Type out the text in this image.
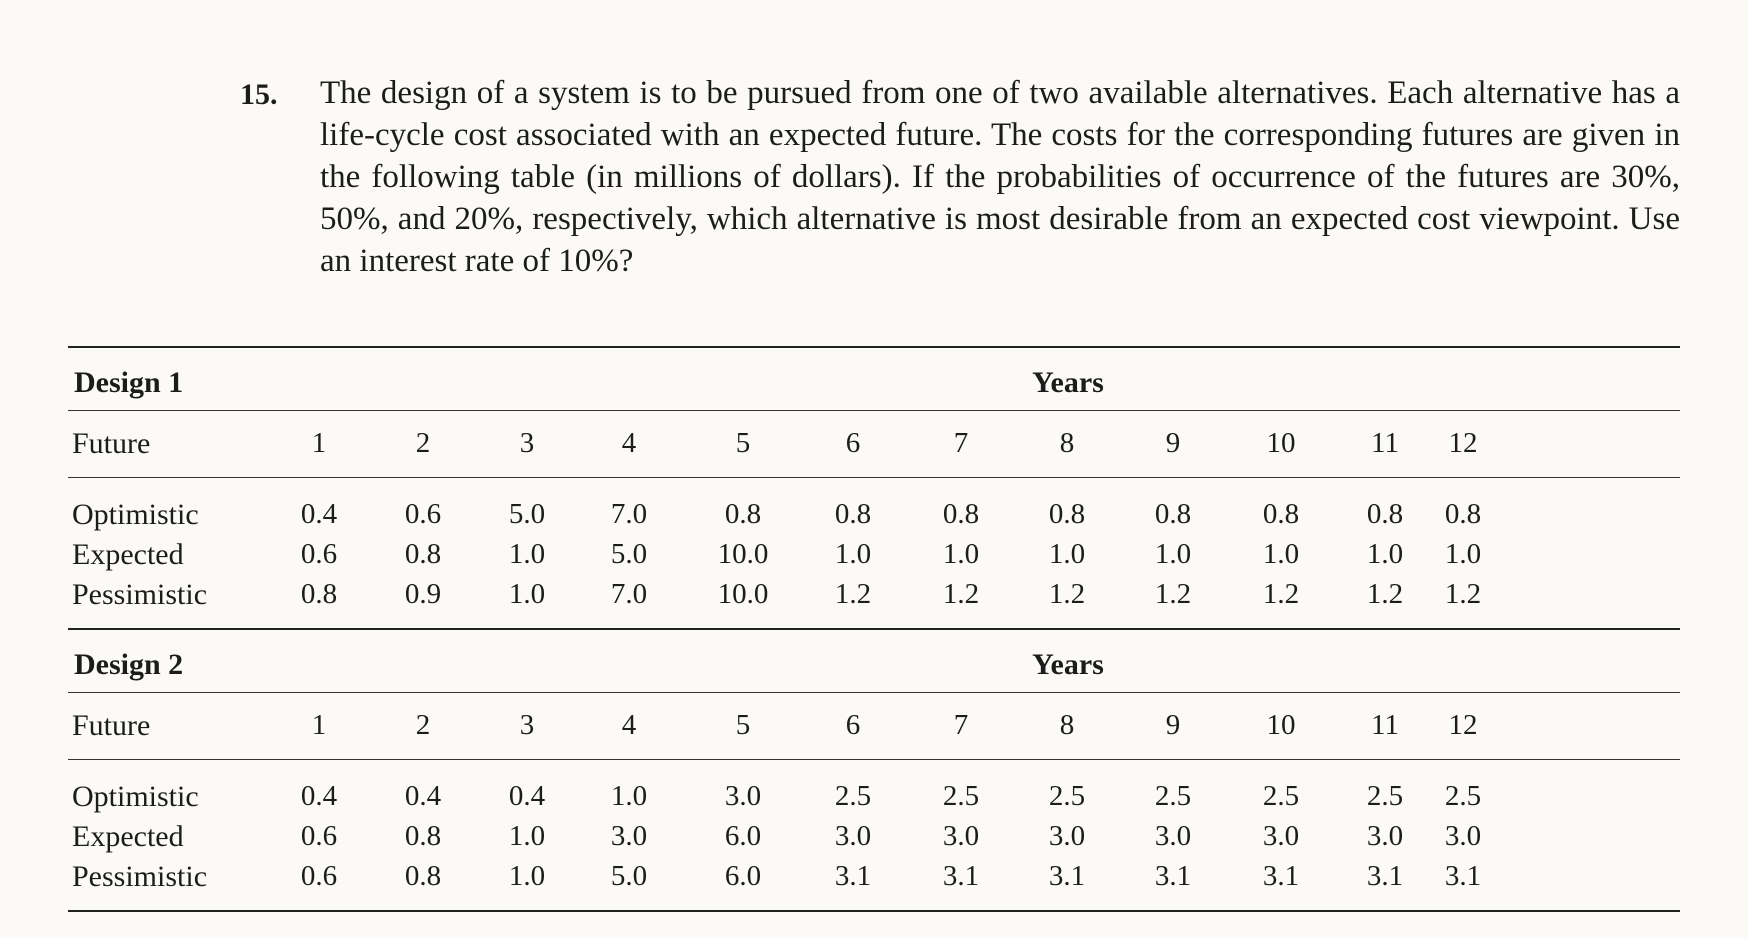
15.	The design of a system is to be pursued from one of two available alternatives. Each alternative has a life-cycle cost associated with an expected future. The costs for the corresponding futures are given in the following table (in millions of dollars). If the probabilities of occurrence of the futures are 30%, 50%, and 20%, respectively, which alternative is most desirable from an expected cost viewpoint. Use an interest rate of 10%?

Design 1	Years
Future	1	2	3	4	5	6	7	8	9	10	11	12
Optimistic	0.4	0.6	5.0	7.0	0.8	0.8	0.8	0.8	0.8	0.8	0.8	0.8
Expected	0.6	0.8	1.0	5.0	10.0	1.0	1.0	1.0	1.0	1.0	1.0	1.0
Pessimistic	0.8	0.9	1.0	7.0	10.0	1.2	1.2	1.2	1.2	1.2	1.2	1.2
Design 2	Years
Future	1	2	3	4	5	6	7	8	9	10	11	12
Optimistic	0.4	0.4	0.4	1.0	3.0	2.5	2.5	2.5	2.5	2.5	2.5	2.5
Expected	0.6	0.8	1.0	3.0	6.0	3.0	3.0	3.0	3.0	3.0	3.0	3.0
Pessimistic	0.6	0.8	1.0	5.0	6.0	3.1	3.1	3.1	3.1	3.1	3.1	3.1
